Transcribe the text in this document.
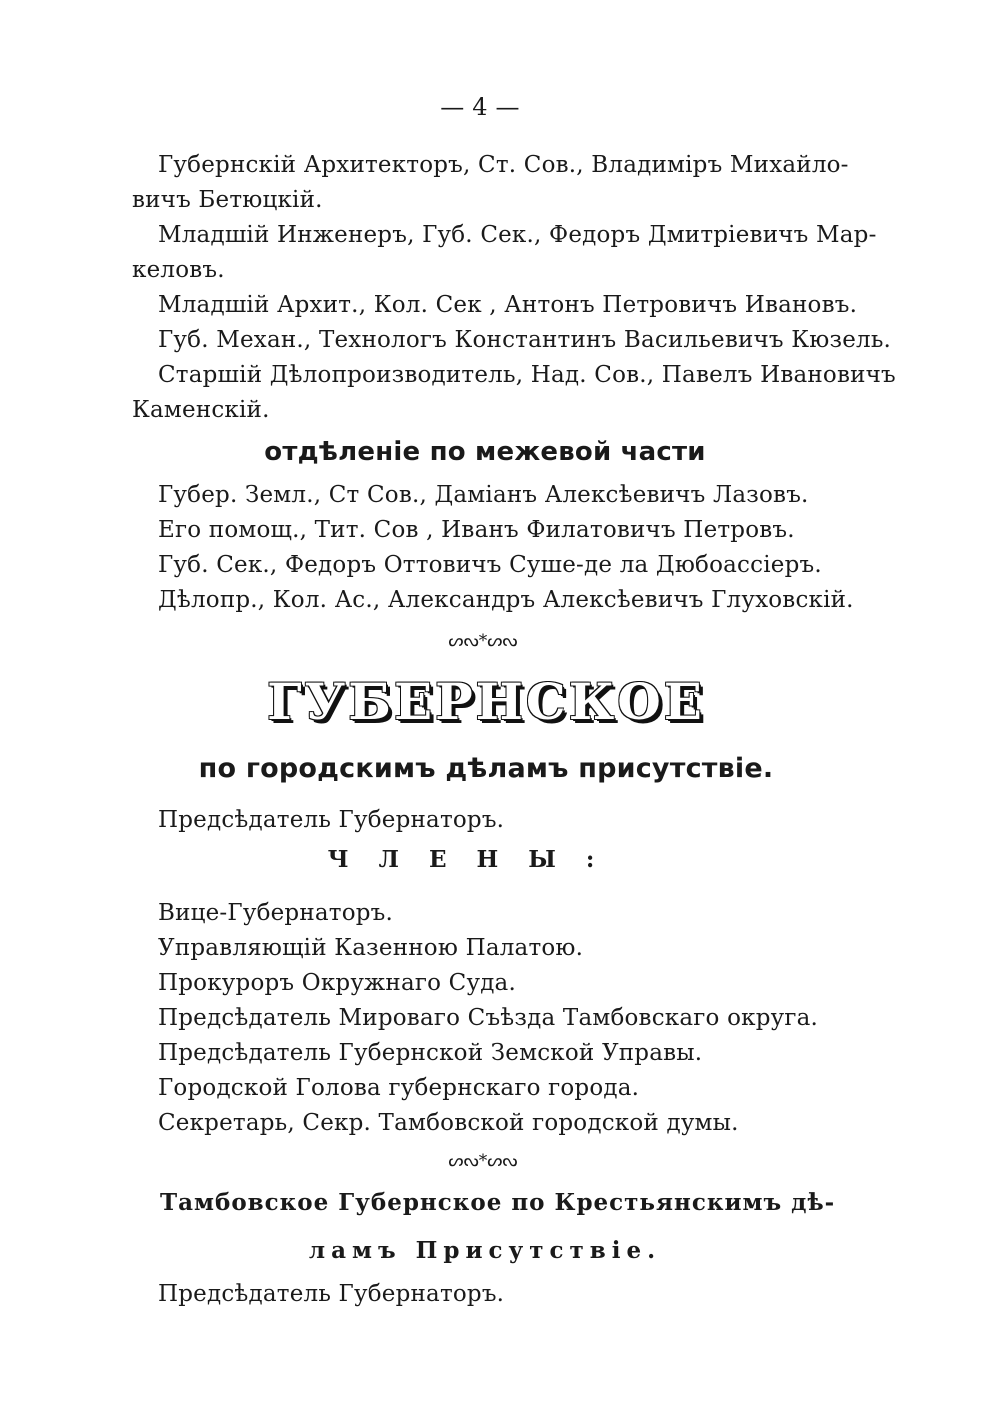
— 4 —
Губернскій Архитекторъ, Ст. Сов., Владиміръ Михайло-
вичъ Бетюцкій.
Младшій Инженеръ, Губ. Сек., Федоръ Дмитріевичъ Мар-
келовъ.
Младшій Архит., Кол. Сек , Антонъ Петровичъ Ивановъ.
Губ. Механ., Технологъ Константинъ Васильевичъ Кюзель.
Старшій Дѣлопроизводитель, Над. Сов., Павелъ Ивановичъ
Каменскій.
отдѣленіе по межевой части
Губер. Земл., Ст Сов., Даміанъ Алексѣевичъ Лазовъ.
Его помощ., Тит. Сов , Иванъ Филатовичъ Петровъ.
Губ. Сек., Федоръ Оттовичъ Суше-де ла Дюбоассіеръ.
Дѣлопр., Кол. Ас., Александръ Алексѣевичъ Глуховскій.
ᔕᔓ*ᔕᔓ
ГУБЕРНСКОЕ
по городскимъ дѣламъ присутствіе.
Предсѣдатель Губернаторъ.
ЧЛЕНЫ:
Вице-Губернаторъ.
Управляющій Казенною Палатою.
Прокуроръ Окружнаго Суда.
Предсѣдатель Мироваго Съѣзда Тамбовскаго округа.
Предсѣдатель Губернской Земской Управы.
Городской Голова губернскаго города.
Секретарь, Секр. Тамбовской городской думы.
ᔕᔓ*ᔕᔓ
Тамбовское Губернское по Крестьянскимъ дѣ-
ламъ Присутствіе.
Предсѣдатель Губернаторъ.
